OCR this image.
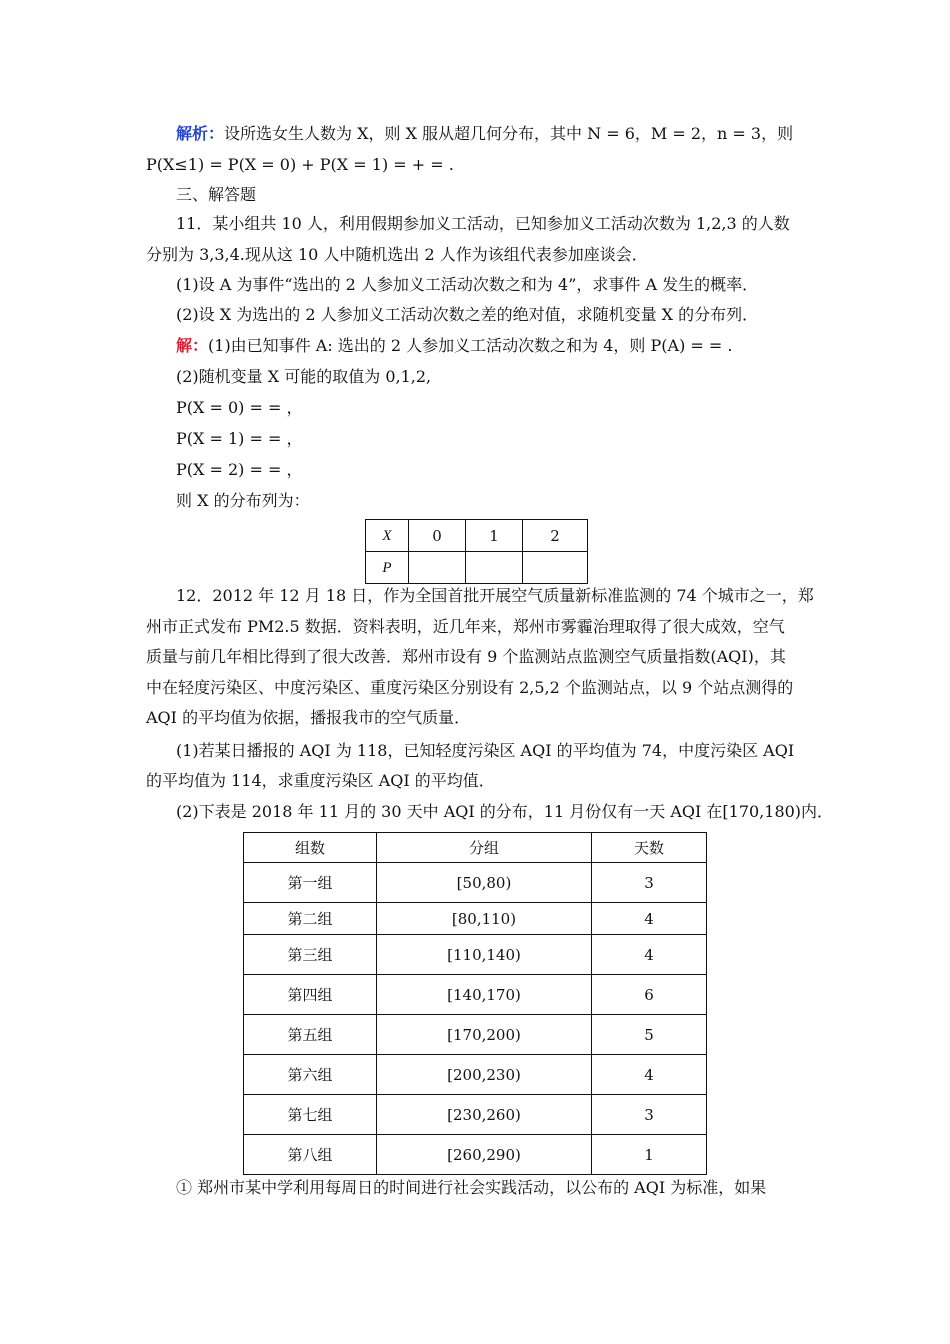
解析：设所选女生人数为 X，则 X 服从超几何分布，其中 N = 6，M = 2，n = 3，则
P(X≤1) = P(X = 0) + P(X = 1) = + = .
三、解答题
11．某小组共 10 人，利用假期参加义工活动，已知参加义工活动次数为 1,2,3 的人数
分别为 3,3,4.现从这 10 人中随机选出 2 人作为该组代表参加座谈会．
(1)设 A 为事件“选出的 2 人参加义工活动次数之和为 4”，求事件 A 发生的概率．
(2)设 X 为选出的 2 人参加义工活动次数之差的绝对值，求随机变量 X 的分布列．
解：(1)由已知事件 A: 选出的 2 人参加义工活动次数之和为 4，则 P(A) = = .
(2)随机变量 X 可能的取值为 0,1,2,
P(X = 0) = = ，
P(X = 1) = = ，
P(X = 2) = = ，
则 X 的分布列为：
X	0	1	2
P			
12．2012 年 12 月 18 日，作为全国首批开展空气质量新标准监测的 74 个城市之一，郑
州市正式发布 PM2.5 数据．资料表明，近几年来，郑州市雾霾治理取得了很大成效，空气
质量与前几年相比得到了很大改善．郑州市设有 9 个监测站点监测空气质量指数(AQI)，其
中在轻度污染区、中度污染区、重度污染区分别设有 2,5,2 个监测站点，以 9 个站点测得的
AQI 的平均值为依据，播报我市的空气质量．
(1)若某日播报的 AQI 为 118，已知轻度污染区 AQI 的平均值为 74，中度污染区 AQI
的平均值为 114，求重度污染区 AQI 的平均值．
(2)下表是 2018 年 11 月的 30 天中 AQI 的分布，11 月份仅有一天 AQI 在[170,180)内．
组数	分组	天数
第一组	[50,80)	3
第二组	[80,110)	4
第三组	[110,140)	4
第四组	[140,170)	6
第五组	[170,200)	5
第六组	[200,230)	4
第七组	[230,260)	3
第八组	[260,290)	1
① 郑州市某中学利用每周日的时间进行社会实践活动，以公布的 AQI 为标准，如果
